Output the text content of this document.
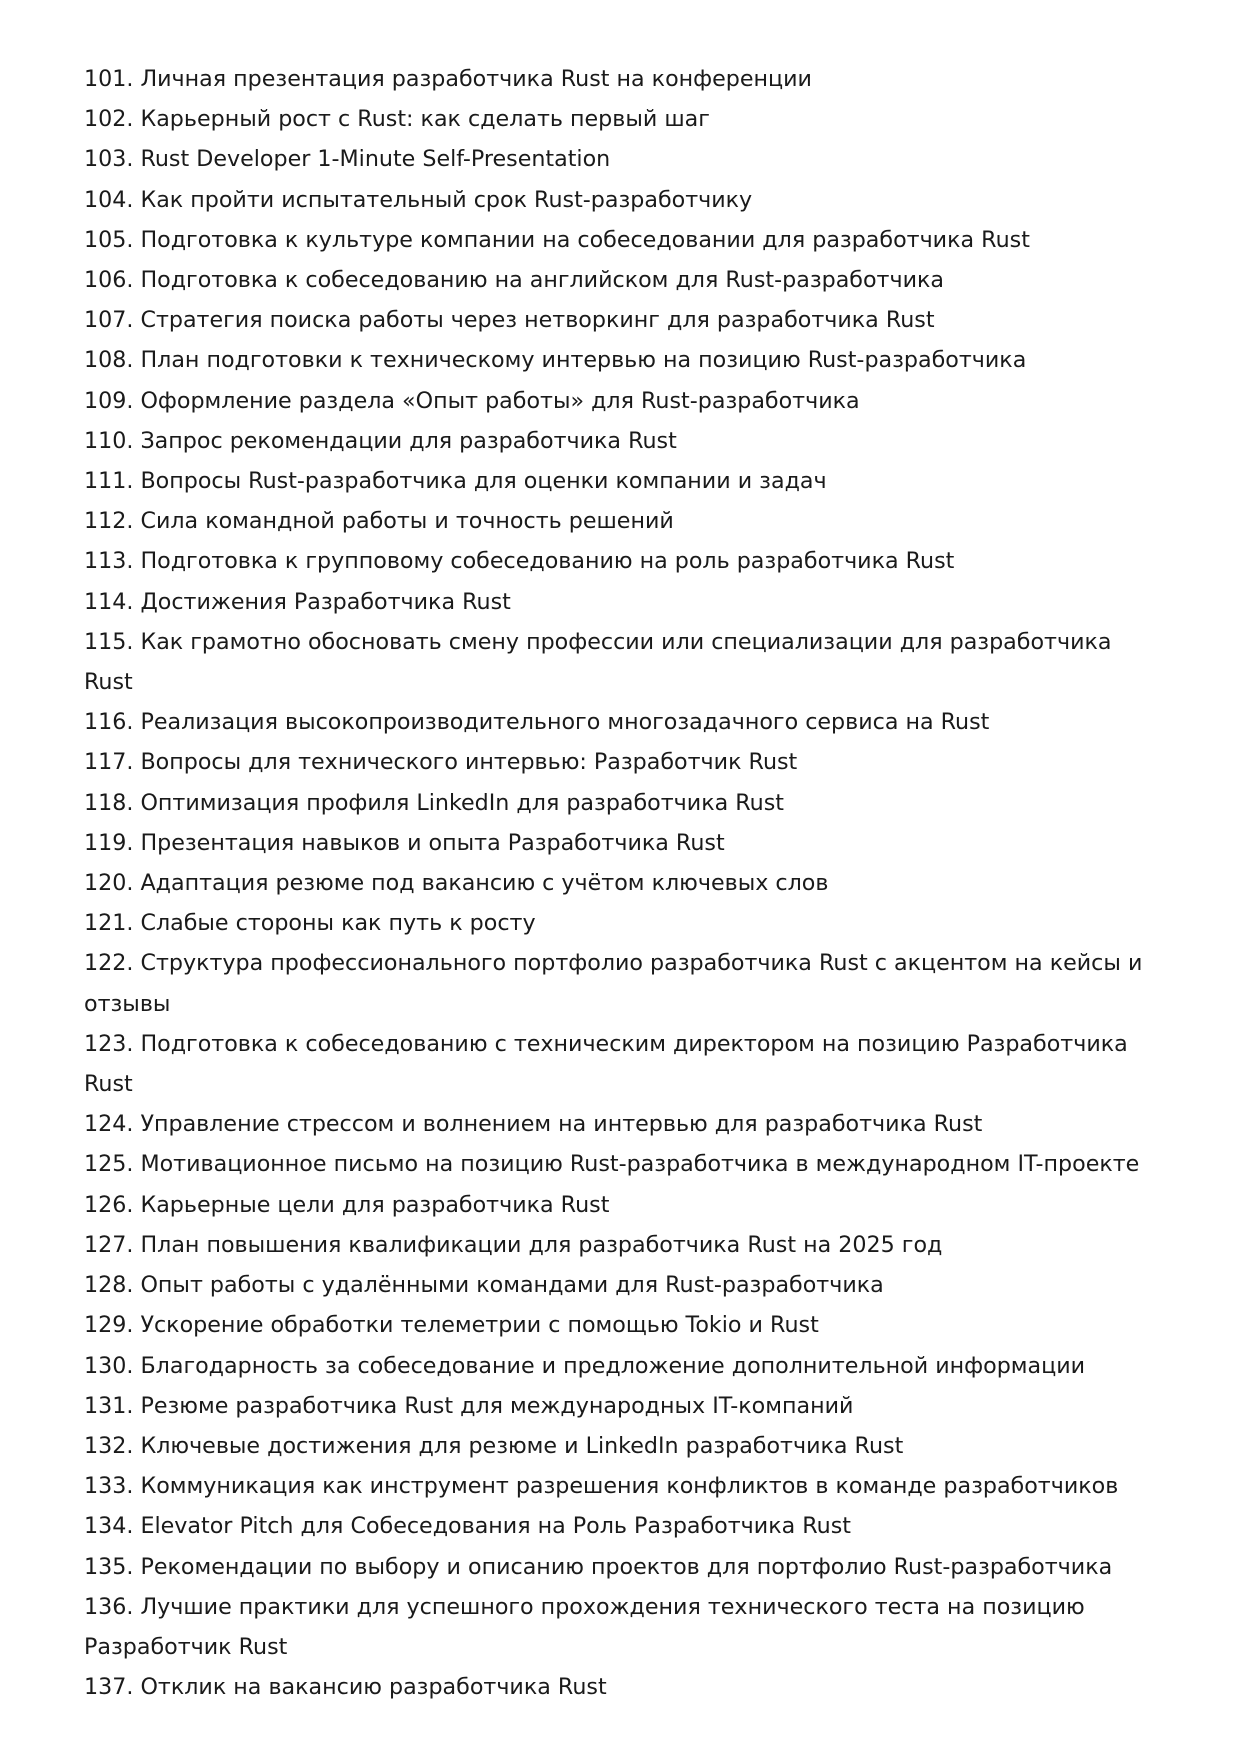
101. Личная презентация разработчика Rust на конференции
102. Карьерный рост с Rust: как сделать первый шаг
103. Rust Developer 1-Minute Self-Presentation
104. Как пройти испытательный срок Rust-разработчику
105. Подготовка к культуре компании на собеседовании для разработчика Rust
106. Подготовка к собеседованию на английском для Rust-разработчика
107. Стратегия поиска работы через нетворкинг для разработчика Rust
108. План подготовки к техническому интервью на позицию Rust-разработчика
109. Оформление раздела «Опыт работы» для Rust-разработчика
110. Запрос рекомендации для разработчика Rust
111. Вопросы Rust-разработчика для оценки компании и задач
112. Сила командной работы и точность решений
113. Подготовка к групповому собеседованию на роль разработчика Rust
114. Достижения Разработчика Rust
115. Как грамотно обосновать смену профессии или специализации для разработчика Rust
116. Реализация высокопроизводительного многозадачного сервиса на Rust
117. Вопросы для технического интервью: Разработчик Rust
118. Оптимизация профиля LinkedIn для разработчика Rust
119. Презентация навыков и опыта Разработчика Rust
120. Адаптация резюме под вакансию с учётом ключевых слов
121. Слабые стороны как путь к росту
122. Структура профессионального портфолио разработчика Rust с акцентом на кейсы и отзывы
123. Подготовка к собеседованию с техническим директором на позицию Разработчика Rust
124. Управление стрессом и волнением на интервью для разработчика Rust
125. Мотивационное письмо на позицию Rust-разработчика в международном IT-проекте
126. Карьерные цели для разработчика Rust
127. План повышения квалификации для разработчика Rust на 2025 год
128. Опыт работы с удалёнными командами для Rust-разработчика
129. Ускорение обработки телеметрии с помощью Tokio и Rust
130. Благодарность за собеседование и предложение дополнительной информации
131. Резюме разработчика Rust для международных IT-компаний
132. Ключевые достижения для резюме и LinkedIn разработчика Rust
133. Коммуникация как инструмент разрешения конфликтов в команде разработчиков
134. Elevator Pitch для Собеседования на Роль Разработчика Rust
135. Рекомендации по выбору и описанию проектов для портфолио Rust-разработчика
136. Лучшие практики для успешного прохождения технического теста на позицию Разработчик Rust
137. Отклик на вакансию разработчика Rust
